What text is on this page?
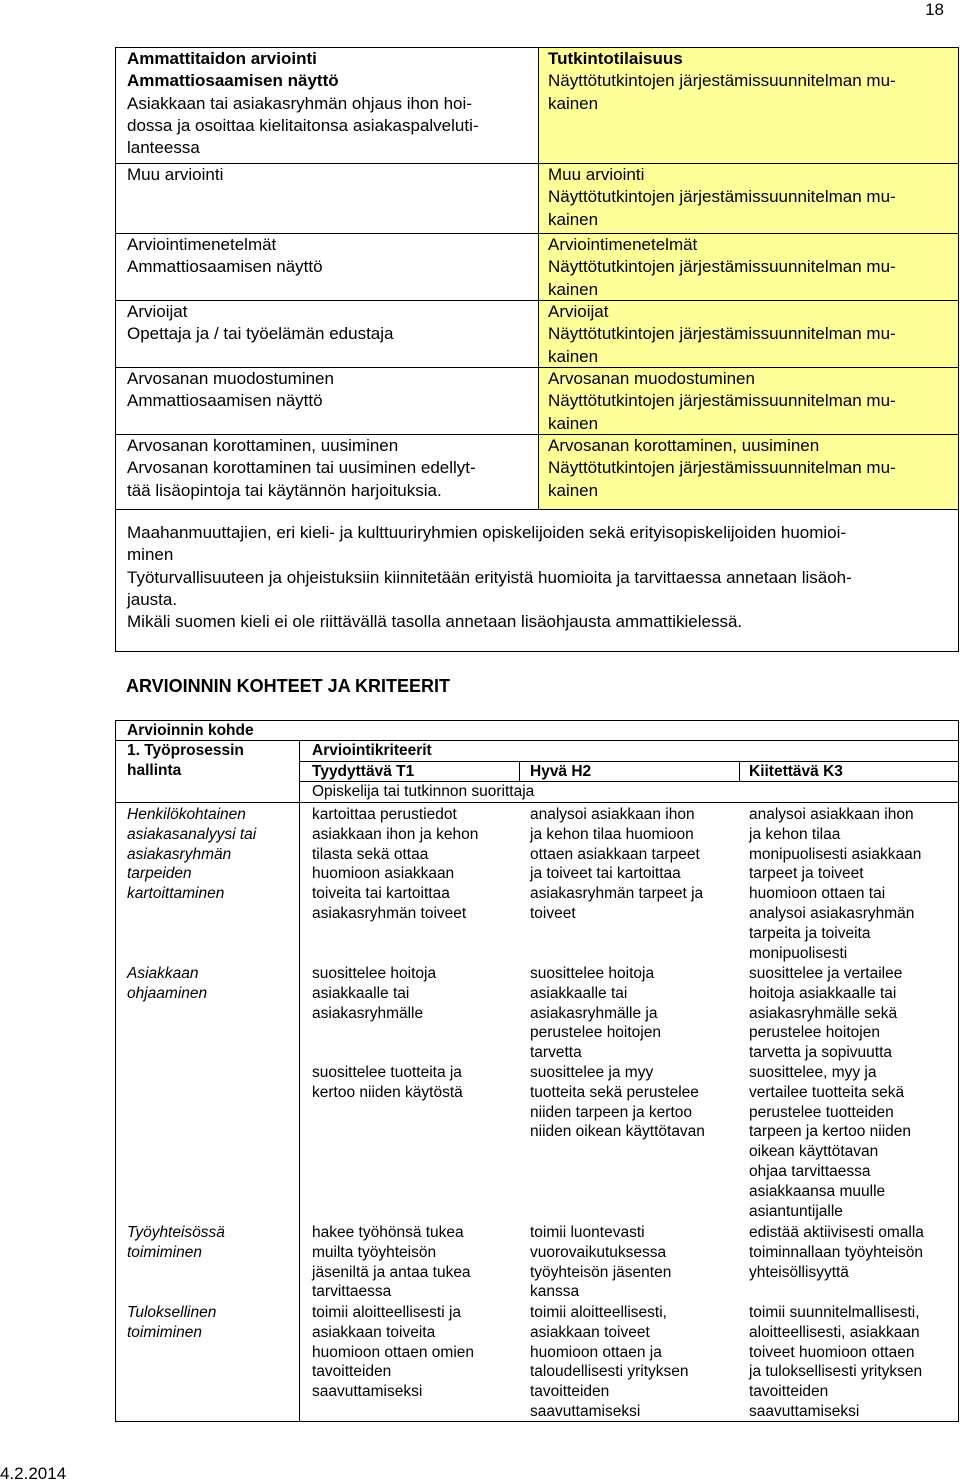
18
Ammattitaidon arviointi
Ammattiosaamisen näyttö
Asiakkaan tai asiakasryhmän ohjaus ihon hoi-
dossa ja osoittaa kielitaitonsa asiakaspalveluti-
lanteessa
Muu arviointi
Arviointimenetelmät
Ammattiosaamisen näyttö
Arvioijat
Opettaja ja / tai työelämän edustaja
Arvosanan muodostuminen
Ammattiosaamisen näyttö
Arvosanan korottaminen, uusiminen
Arvosanan korottaminen tai uusiminen edellyt-
tää lisäopintoja tai käytännön harjoituksia.
Tutkintotilaisuus
Näyttötutkintojen järjestämissuunnitelman mu-
kainen
Muu arviointi
Näyttötutkintojen järjestämissuunnitelman mu-
kainen
Arviointimenetelmät
Näyttötutkintojen järjestämissuunnitelman mu-
kainen
Arvioijat
Näyttötutkintojen järjestämissuunnitelman mu-
kainen
Arvosanan muodostuminen
Näyttötutkintojen järjestämissuunnitelman mu-
kainen
Arvosanan korottaminen, uusiminen
Näyttötutkintojen järjestämissuunnitelman mu-
kainen
Maahanmuuttajien, eri kieli- ja kulttuuriryhmien opiskelijoiden sekä erityisopiskelijoiden huomioi-
minen
Työturvallisuuteen ja ohjeistuksiin kiinnitetään erityistä huomioita ja tarvittaessa annetaan lisäoh-
jausta.
Mikäli suomen kieli ei ole riittävällä tasolla annetaan lisäohjausta ammattikielessä.
ARVIOINNIN KOHTEET JA KRITEERIT
Arvioinnin kohde
1. Työprosessin
hallinta
Arviointikriteerit
Tyydyttävä T1	Hyvä H2	Kiitettävä K3
Opiskelija tai tutkinnon suorittaja
Henkilökohtainen
asiakasanalyysi tai
asiakasryhmän
tarpeiden
kartoittaminen
kartoittaa perustiedot
asiakkaan ihon ja kehon
tilasta sekä ottaa
huomioon asiakkaan
toiveita tai kartoittaa
asiakasryhmän toiveet
analysoi asiakkaan ihon
ja kehon tilaa huomioon
ottaen asiakkaan tarpeet
ja toiveet tai kartoittaa
asiakasryhmän tarpeet ja
toiveet
analysoi asiakkaan ihon
ja kehon tilaa
monipuolisesti asiakkaan
tarpeet ja toiveet
huomioon ottaen tai
analysoi asiakasryhmän
tarpeita ja toiveita
monipuolisesti
Asiakkaan
ohjaaminen
suosittelee hoitoja
asiakkaalle tai
asiakasryhmälle
suosittelee tuotteita ja
kertoo niiden käytöstä
suosittelee hoitoja
asiakkaalle tai
asiakasryhmälle ja
perustelee hoitojen
tarvetta
suosittelee ja myy
tuotteita sekä perustelee
niiden tarpeen ja kertoo
niiden oikean käyttötavan
suosittelee ja vertailee
hoitoja asiakkaalle tai
asiakasryhmälle sekä
perustelee hoitojen
tarvetta ja sopivuutta
suosittelee, myy ja
vertailee tuotteita sekä
perustelee tuotteiden
tarpeen ja kertoo niiden
oikean käyttötavan
ohjaa tarvittaessa
asiakkaansa muulle
asiantuntijalle
Työyhteisössä
toimiminen
hakee työhönsä tukea
muilta työyhteisön
jäseniltä ja antaa tukea
tarvittaessa
toimii luontevasti
vuorovaikutuksessa
työyhteisön jäsenten
kanssa
edistää aktiivisesti omalla
toiminnallaan työyhteisön
yhteisöllisyyttä
Tuloksellinen
toimiminen
toimii aloitteellisesti ja
asiakkaan toiveita
huomioon ottaen omien
tavoitteiden
saavuttamiseksi
toimii aloitteellisesti,
asiakkaan toiveet
huomioon ottaen ja
taloudellisesti yrityksen
tavoitteiden
saavuttamiseksi
toimii suunnitelmallisesti,
aloitteellisesti, asiakkaan
toiveet huomioon ottaen
ja tuloksellisesti yrityksen
tavoitteiden
saavuttamiseksi
4.2.2014
